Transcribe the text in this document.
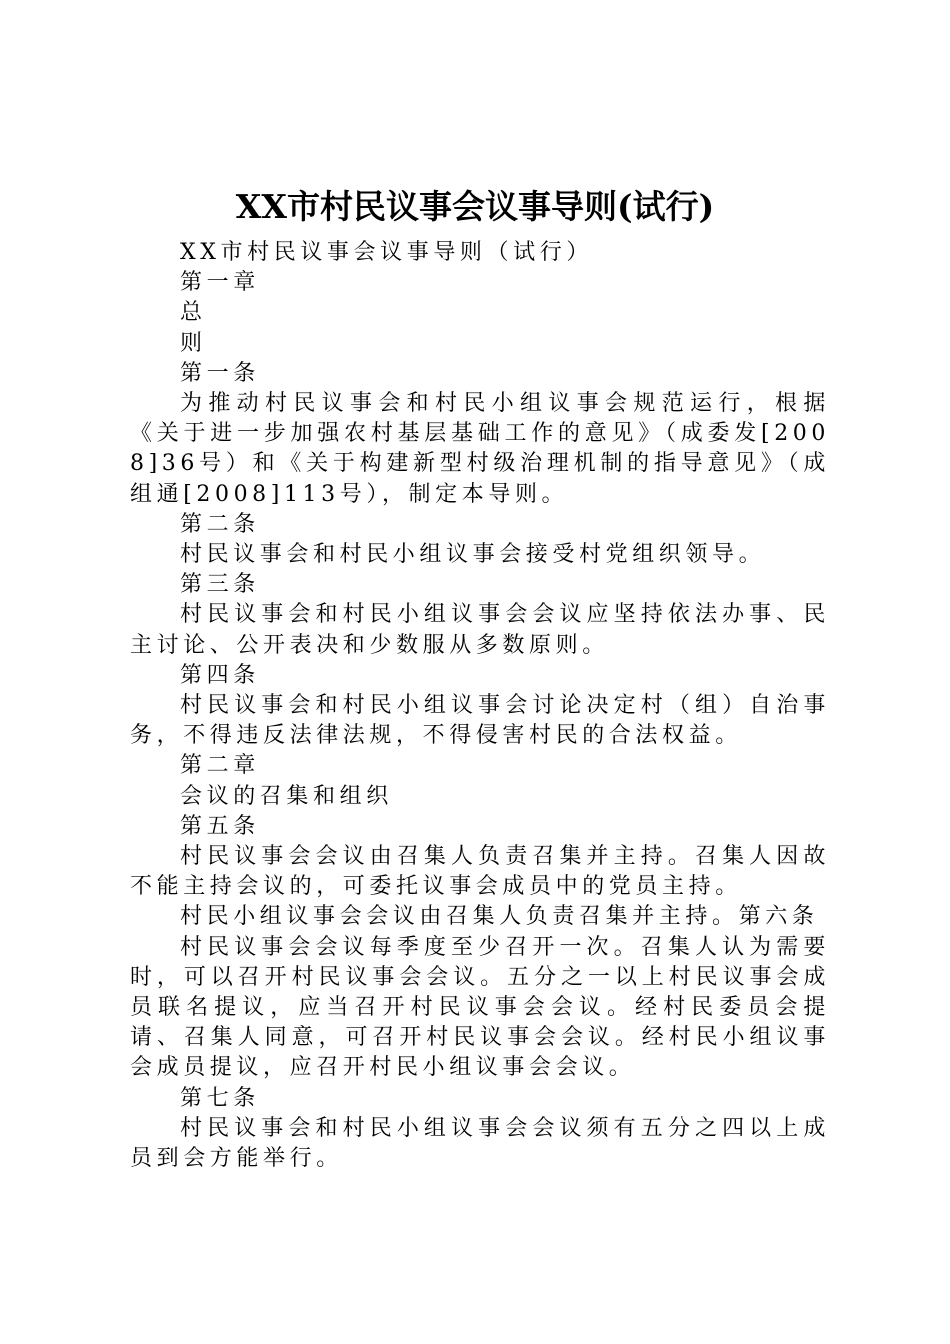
XX市村民议事会议事导则(试行)

XX市村民议事会议事导则（试行）

第一章

总

则

第一条

为推动村民议事会和村民小组议事会规范运行，根据《关于进一步加强农村基层基础工作的意见》（成委发[2008]36号）和《关于构建新型村级治理机制的指导意见》（成组通[2008]113号），制定本导则。

第二条

村民议事会和村民小组议事会接受村党组织领导。

第三条

村民议事会和村民小组议事会会议应坚持依法办事、民主讨论、公开表决和少数服从多数原则。

第四条

村民议事会和村民小组议事会讨论决定村（组）自治事务，不得违反法律法规，不得侵害村民的合法权益。

第二章

会议的召集和组织

第五条

村民议事会会议由召集人负责召集并主持。召集人因故不能主持会议的，可委托议事会成员中的党员主持。

村民小组议事会会议由召集人负责召集并主持。第六条

村民议事会会议每季度至少召开一次。召集人认为需要时，可以召开村民议事会会议。五分之一以上村民议事会成员联名提议，应当召开村民议事会会议。经村民委员会提请、召集人同意，可召开村民议事会会议。经村民小组议事会成员提议，应召开村民小组议事会会议。

第七条

村民议事会和村民小组议事会会议须有五分之四以上成员到会方能举行。
